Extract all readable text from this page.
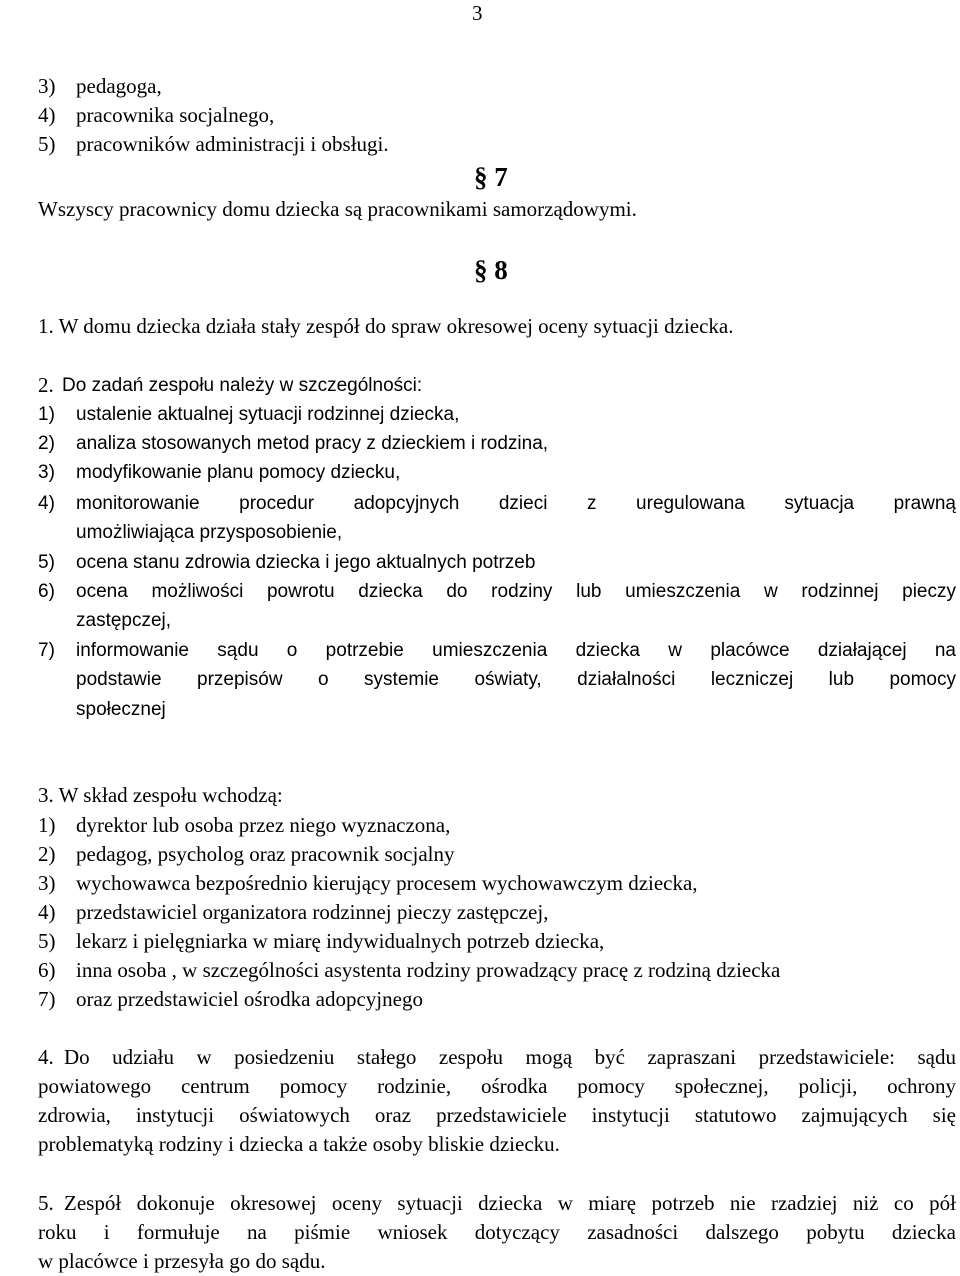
3
3) pedagoga,
4) pracownika socjalnego,
5) pracowników administracji i obsługi.
§ 7
Wszyscy pracownicy domu dziecka są pracownikami samorządowymi.
§ 8
1. W domu dziecka działa stały zespół do spraw okresowej oceny sytuacji dziecka.
2. Do zadań zespołu należy w szczególności:
1) ustalenie aktualnej sytuacji rodzinnej dziecka,
2) analiza stosowanych metod pracy z dzieckiem i rodzina,
3) modyfikowanie planu pomocy dziecku,
4) monitorowanie procedur adopcyjnych dzieci z uregulowana sytuacja prawną
umożliwiająca przysposobienie,
5) ocena stanu zdrowia dziecka i jego aktualnych potrzeb
6) ocena możliwości powrotu dziecka do rodziny lub umieszczenia w rodzinnej pieczy
zastępczej,
7) informowanie sądu o potrzebie umieszczenia dziecka w placówce działającej na
podstawie przepisów o systemie oświaty, działalności leczniczej lub pomocy
społecznej
3. W skład zespołu wchodzą:
1) dyrektor lub osoba przez niego wyznaczona,
2) pedagog, psycholog oraz pracownik socjalny
3) wychowawca bezpośrednio kierujący procesem wychowawczym dziecka,
4) przedstawiciel organizatora rodzinnej pieczy zastępczej,
5) lekarz i pielęgniarka w miarę indywidualnych potrzeb dziecka,
6) inna osoba , w szczególności asystenta rodziny prowadzący pracę z rodziną dziecka
7) oraz przedstawiciel ośrodka adopcyjnego
4. Do udziału w posiedzeniu stałego zespołu mogą być zapraszani przedstawiciele: sądu
powiatowego centrum pomocy rodzinie, ośrodka pomocy społecznej, policji, ochrony
zdrowia, instytucji oświatowych oraz przedstawiciele instytucji statutowo zajmujących się
problematyką rodziny i dziecka a także osoby bliskie dziecku.
5. Zespół dokonuje okresowej oceny sytuacji dziecka w miarę potrzeb nie rzadziej niż co pół
roku i formułuje na piśmie wniosek dotyczący zasadności dalszego pobytu dziecka
w placówce i przesyła go do sądu.
